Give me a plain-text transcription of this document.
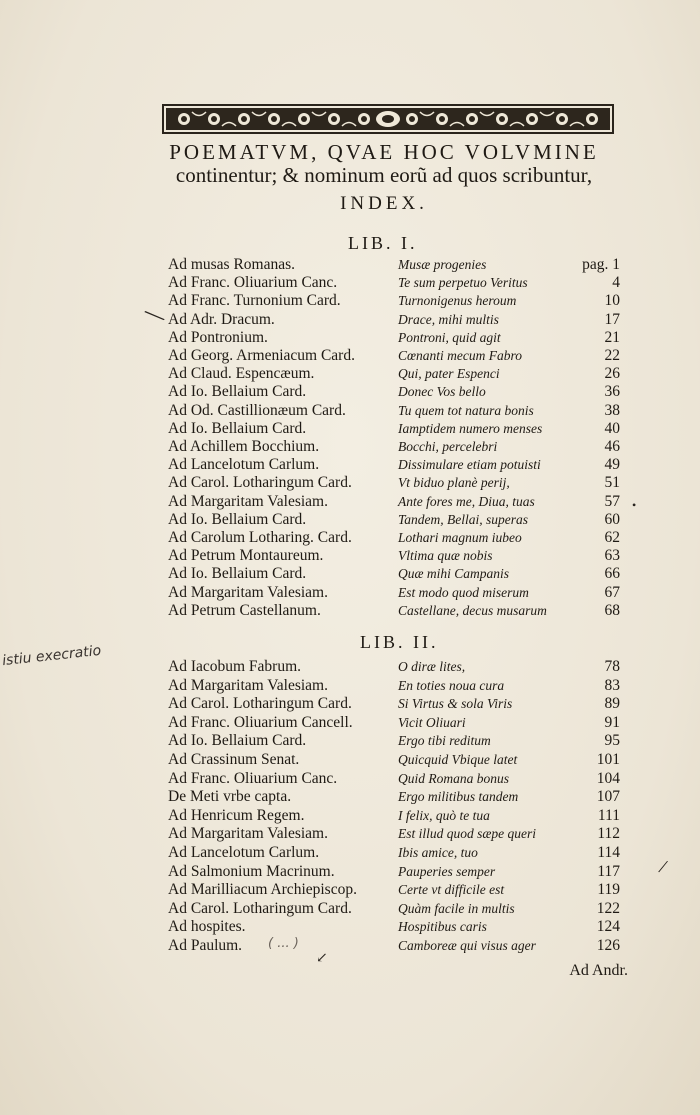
POEMATVM, QVAE HOC VOLVMINE
continentur; & nominum eorũ ad quos scribuntur,
INDEX.
LIB. I.
Ad musas Romanas.	Musæ progenies	pag. 1
Ad Franc. Oliuarium Canc.	Te sum perpetuo Veritus	4
Ad Franc. Turnonium Card.	Turnonigenus heroum	10
Ad Adr. Dracum.	Drace, mihi multis	17
Ad Pontronium.	Pontroni, quid agit	21
Ad Georg. Armeniacum Card.	Cœnanti mecum Fabro	22
Ad Claud. Espencæum.	Qui, pater Espenci	26
Ad Io. Bellaium Card.	Donec Vos bello	36
Ad Od. Castillionæum Card.	Tu quem tot natura bonis	38
Ad Io. Bellaium Card.	Iamptidem numero menses	40
Ad Achillem Bocchium.	Bocchi, percelebri	46
Ad Lancelotum Carlum.	Dissimulare etiam potuisti	49
Ad Carol. Lotharingum Card.	Vt biduo planè perij,	51
Ad Margaritam Valesiam.	Ante fores me, Diua, tuas	57
Ad Io. Bellaium Card.	Tandem, Bellai, superas	60
Ad Carolum Lotharing. Card.	Lothari magnum iubeo	62
Ad Petrum Montaureum.	Vltima quæ nobis	63
Ad Io. Bellaium Card.	Quæ mihi Campanis	66
Ad Margaritam Valesiam.	Est modo quod miserum	67
Ad Petrum Castellanum.	Castellane, decus musarum	68
LIB. II.
Ad Iacobum Fabrum.	O diræ lites,	78
Ad Margaritam Valesiam.	En toties noua cura	83
Ad Carol. Lotharingum Card.	Si Virtus & sola Viris	89
Ad Franc. Oliuarium Cancell.	Vicit Oliuari	91
Ad Io. Bellaium Card.	Ergo tibi reditum	95
Ad Crassinum Senat.	Quicquid Vbique latet	101
Ad Franc. Oliuarium Canc.	Quid Romana bonus	104
De Meti vrbe capta.	Ergo militibus tandem	107
Ad Henricum Regem.	I felix, quò te tua	111
Ad Margaritam Valesiam.	Est illud quod sæpe queri	112
Ad Lancelotum Carlum.	Ibis amice, tuo	114
Ad Salmonium Macrinum.	Pauperies semper	117
Ad Marilliacum Archiepiscop.	Certe vt difficile est	119
Ad Carol. Lotharingum Card.	Quàm facile in multis	122
Ad hospites.	Hospitibus caris	124
Ad Paulum.	Camboreæ qui visus ager	126
Ad Andr.
istiu execratio
( ... )
╲
•
/
↙
